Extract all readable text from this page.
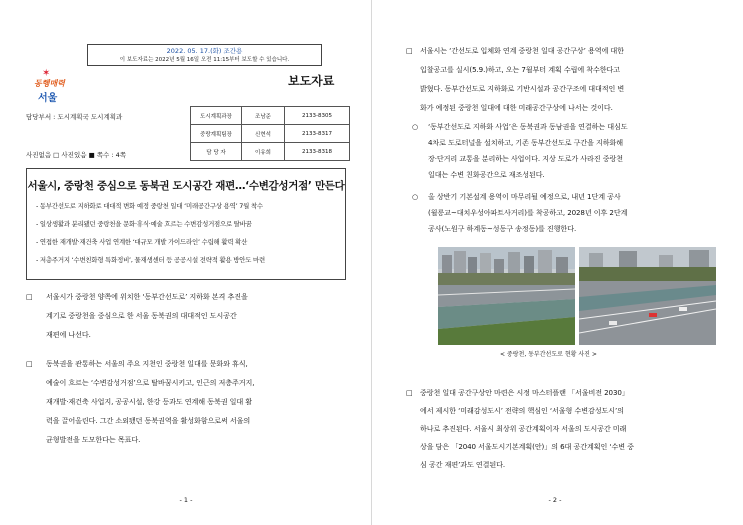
2022. 05. 17.(화) 조간용
이 보도자료는 2022년 5월 16일 오전 11:15부터 보도할 수 있습니다.
✶
동행매력
서울
보도자료
담당부서 : 도시계획국 도시계획과
사진없음 □ 사진있음 ■ 쪽수 : 4쪽
도시계획과장	조남준	2133-8305
중랑계획팀장	신현석	2133-8317
담 당 자	이유희	2133-8318
서울시, 중랑천 중심으로 동북권 도시공간 재편…‘수변감성거점’ 만든다
- 동부간선도로 지하화로 대대적 변화 예정 중랑천 일대 ‘미래공간구상 용역’ 7월 착수
- 일상생활과 분리됐던 중랑천을 문화·휴식·예술 흐르는 수변감성거점으로 탈바꿈
- 연접한 재개발·재건축 사업 연계한 ‘대규모 개발 가이드라인’ 수립해 활력 확산
- 저층주거지 ‘수변친화형 특화정비’, 물재생센터 등 공공시설 전략적 활용 방안도 마련
□ 서울시가 중랑천 양쪽에 위치한 ‘동부간선도로’ 지하화 본격 추진을
계기로 중랑천을 중심으로 한 서울 동북권의 대대적인 도시공간
재편에 나선다.
□ 동북권을 관통하는 서울의 주요 지천인 중랑천 일대를 문화와 휴식,
예술이 흐르는 ‘수변감성거점’으로 탈바꿈시키고, 인근의 저층주거지,
재개발·재건축 사업지, 공공시설, 한강 등과도 연계해 동북권 일대 활
력을 끌어올린다. 그간 소외됐던 동북권역을 활성화함으로써 서울의
균형발전을 도모한다는 목표다.
- 1 -
□ 서울시는 ‘간선도로 입체화 연계 중랑천 일대 공간구상’ 용역에 대한
입찰공고를 실시(5.9.)하고, 오는 7월부터 계획 수립에 착수한다고
밝혔다. 동부간선도로 지하화로 기반시설과 공간구조에 대대적인 변
화가 예정된 중랑천 일대에 대한 미래공간구상에 나서는 것이다.
○ ‘동부간선도로 지하화 사업’은 동북권과 동남권을 연결하는 대심도
4차로 도로터널을 설치하고, 기존 동부간선도로 구간을 지하화해
장·단거리 교통을 분리하는 사업이다. 지상 도로가 사라진 중랑천
일대는 수변 친화공간으로 재조성된다.
○ 올 상반기 기본설계 용역이 마무리될 예정으로, 내년 1단계 공사
(월릉교~대치우성아파트사거리)를 착공하고, 2028년 이후 2단계
공사(노원구 하계동~성동구 송정동)를 진행한다.
- 2 -
< 중랑천, 동부간선도로 현황 사진 >
□ 중랑천 일대 공간구상안 마련은 시정 마스터플랜 「서울비전 2030」
에서 제시한 ‘미래감성도시’ 전략의 핵심인 ‘서울형 수변감성도시’의
하나로 추진된다. 서울시 최상위 공간계획이자 서울의 도시공간 미래
상을 담은 「2040 서울도시기본계획(안)」의 6대 공간계획인 ‘수변 중
심 공간 재편’과도 연결된다.
